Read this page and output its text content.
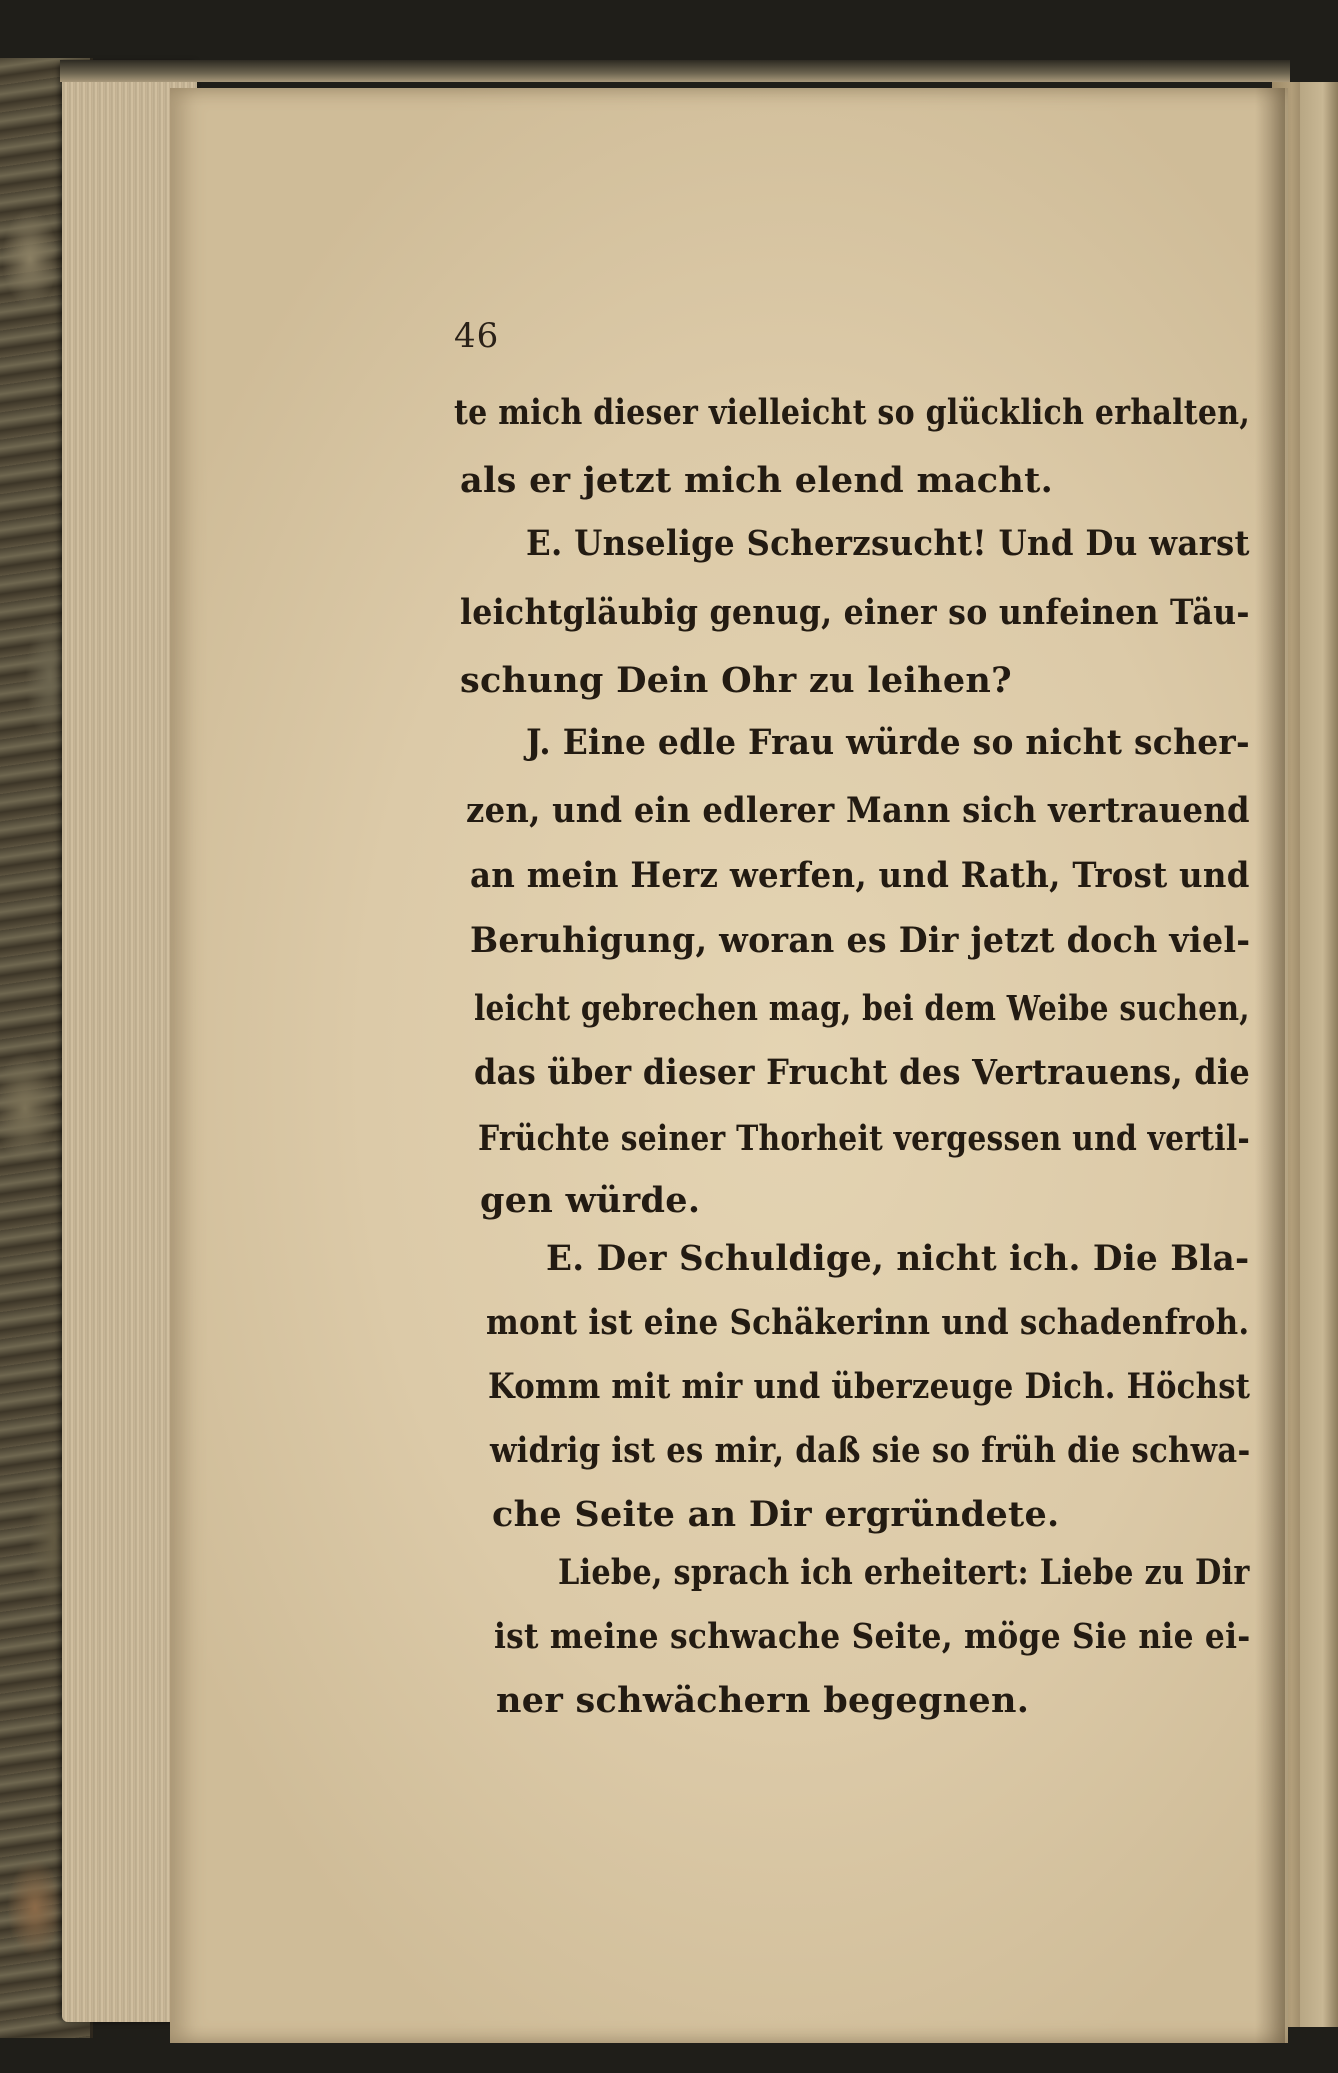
46
te mich dieser vielleicht so glücklich erhalten,
als er jetzt mich elend macht.
E. Unselige Scherzsucht! Und Du warst
leichtgläubig genug, einer so unfeinen Täu-
schung Dein Ohr zu leihen?
J. Eine edle Frau würde so nicht scher-
zen, und ein edlerer Mann sich vertrauend
an mein Herz werfen, und Rath, Trost und
Beruhigung, woran es Dir jetzt doch viel-
leicht gebrechen mag, bei dem Weibe suchen,
das über dieser Frucht des Vertrauens, die
Früchte seiner Thorheit vergessen und vertil-
gen würde.
E. Der Schuldige, nicht ich. Die Bla-
mont ist eine Schäkerinn und schadenfroh.
Komm mit mir und überzeuge Dich. Höchst
widrig ist es mir, daß sie so früh die schwa-
che Seite an Dir ergründete.
Liebe, sprach ich erheitert: Liebe zu Dir
ist meine schwache Seite, möge Sie nie ei-
ner schwächern begegnen.
